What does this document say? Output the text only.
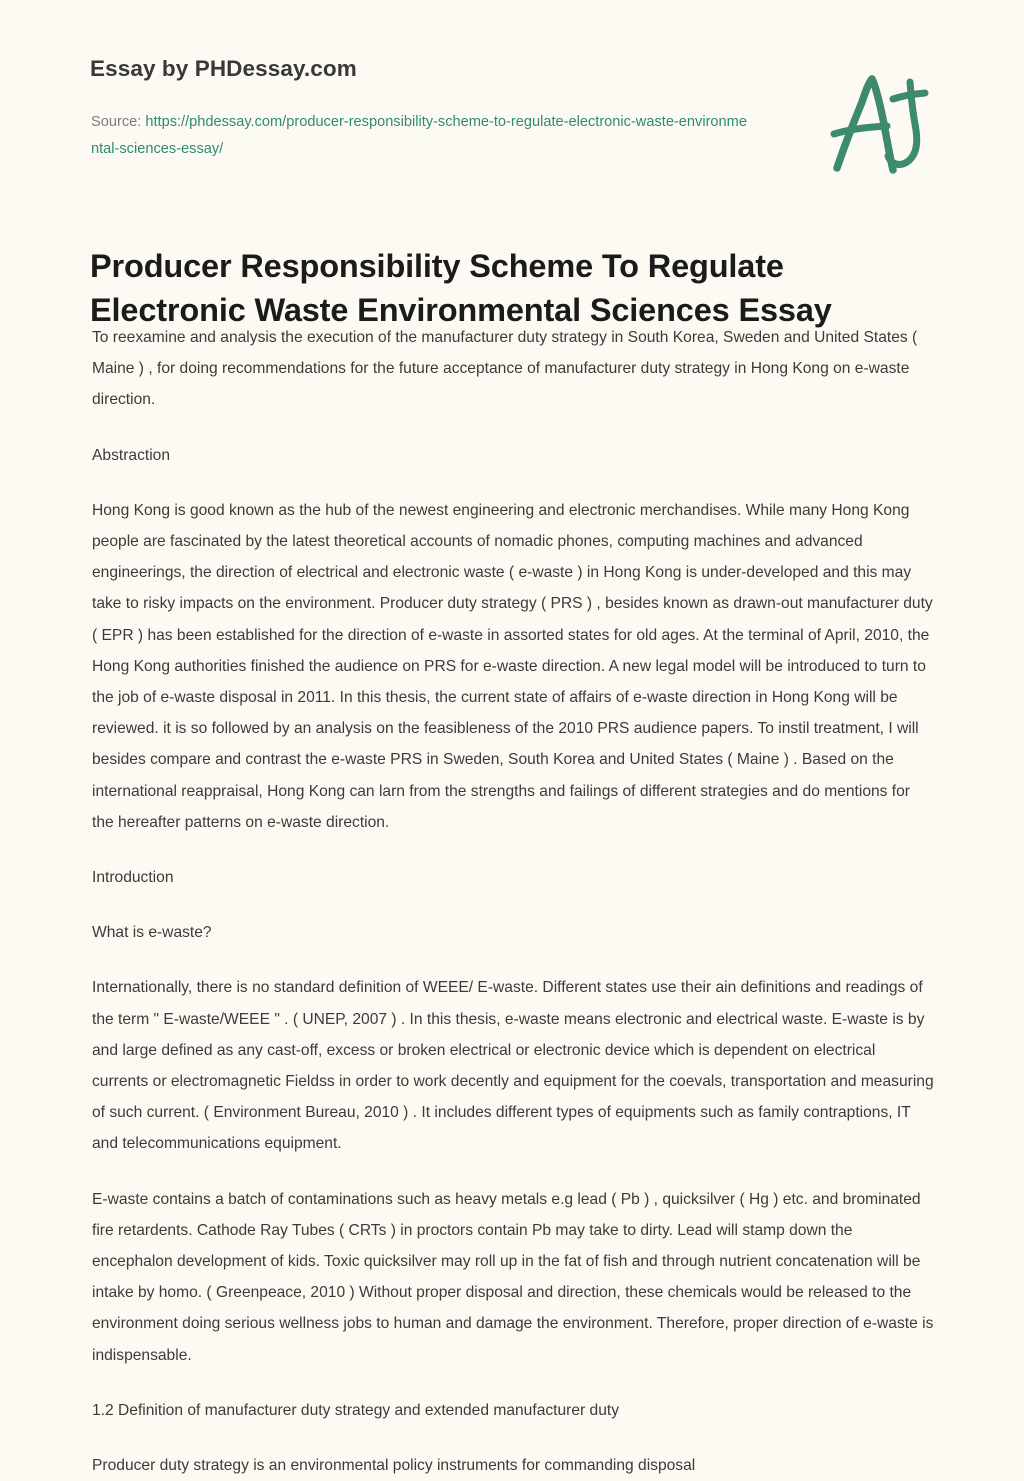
Essay by PHDessay.com
Source: https://phdessay.com/producer-responsibility-scheme-to-regulate-electronic-waste-environmental-sciences-essay/
Producer Responsibility Scheme To Regulate Electronic Waste Environmental Sciences Essay

To reexamine and analysis the execution of the manufacturer duty strategy in South Korea, Sweden and United States ( Maine ) , for doing recommendations for the future acceptance of manufacturer duty strategy in Hong Kong on e-waste direction.

Abstraction

Hong Kong is good known as the hub of the newest engineering and electronic merchandises. While many Hong Kong people are fascinated by the latest theoretical accounts of nomadic phones, computing machines and advanced engineerings, the direction of electrical and electronic waste ( e-waste ) in Hong Kong is under-developed and this may take to risky impacts on the environment. Producer duty strategy ( PRS ) , besides known as drawn-out manufacturer duty ( EPR ) has been established for the direction of e-waste in assorted states for old ages. At the terminal of April, 2010, the Hong Kong authorities finished the audience on PRS for e-waste direction. A new legal model will be introduced to turn to the job of e-waste disposal in 2011. In this thesis, the current state of affairs of e-waste direction in Hong Kong will be reviewed. it is so followed by an analysis on the feasibleness of the 2010 PRS audience papers. To instil treatment, I will besides compare and contrast the e-waste PRS in Sweden, South Korea and United States ( Maine ) . Based on the international reappraisal, Hong Kong can larn from the strengths and failings of different strategies and do mentions for the hereafter patterns on e-waste direction.

Introduction

What is e-waste?

Internationally, there is no standard definition of WEEE/ E-waste. Different states use their ain definitions and readings of the term " E-waste/WEEE " . ( UNEP, 2007 ) . In this thesis, e-waste means electronic and electrical waste. E-waste is by and large defined as any cast-off, excess or broken electrical or electronic device which is dependent on electrical currents or electromagnetic Fieldss in order to work decently and equipment for the coevals, transportation and measuring of such current. ( Environment Bureau, 2010 ) . It includes different types of equipments such as family contraptions, IT and telecommunications equipment.

E-waste contains a batch of contaminations such as heavy metals e.g lead ( Pb ) , quicksilver ( Hg ) etc. and brominated fire retardents. Cathode Ray Tubes ( CRTs ) in proctors contain Pb may take to dirty. Lead will stamp down the encephalon development of kids. Toxic quicksilver may roll up in the fat of fish and through nutrient concatenation will be intake by homo. ( Greenpeace, 2010 ) Without proper disposal and direction, these chemicals would be released to the environment doing serious wellness jobs to human and damage the environment. Therefore, proper direction of e-waste is indispensable.

1.2 Definition of manufacturer duty strategy and extended manufacturer duty

Producer duty strategy is an environmental policy instruments for commanding disposal
